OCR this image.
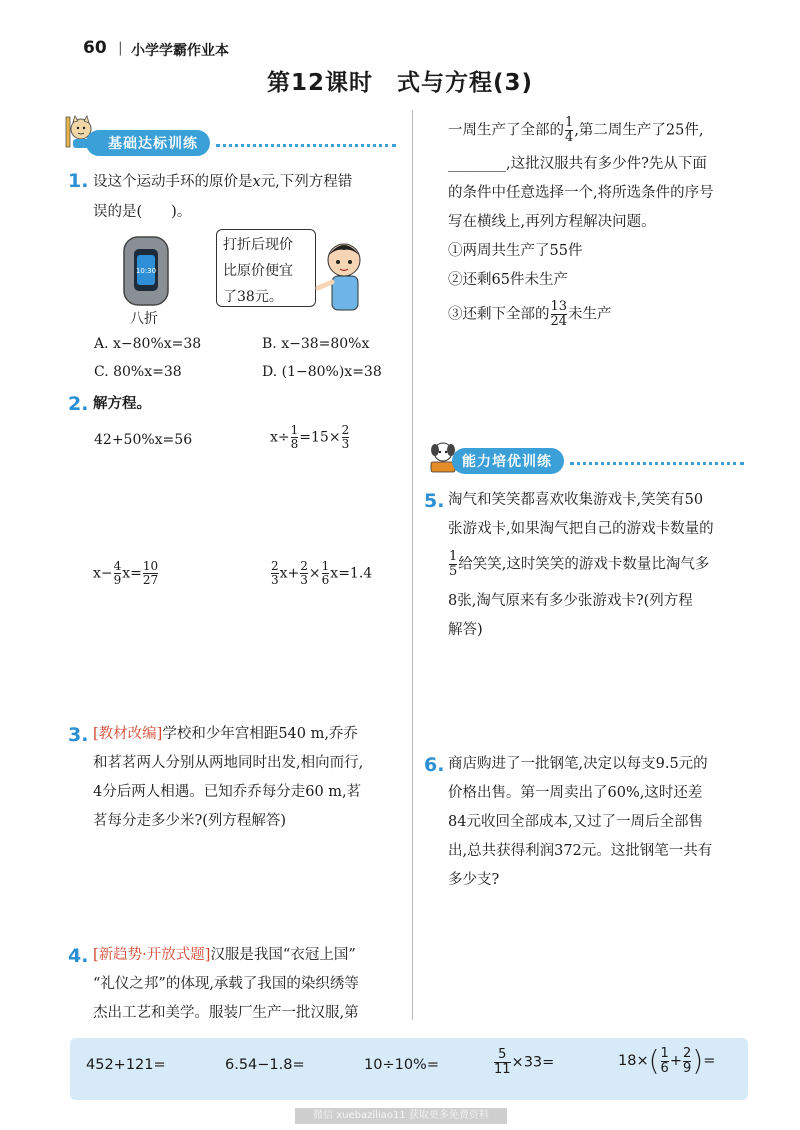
60 | 小学学霸作业本
第12课时　式与方程(3)
基础达标训练
1. 设这个运动手环的原价是x元,下列方程错
误的是(　　)。
10:30
八折
打折后现价
比原价便宜
了38元。
A. x−80%x=38	B. x−38=80%x
C. 80%x=38	D. (1−80%)x=38
2. 解方程。
42+50%x=56	$x\div \frac{1}{8} =15\times \frac{2}{3}$
$x- \frac{4}{9} x= \frac{10}{27}$	$\frac{2}{3} x+ \frac{2}{3} \times \frac{1}{6} x=1.4$
3. [教材改编]学校和少年宫相距540 m,乔乔
和茗茗两人分别从两地同时出发,相向而行,
4分后两人相遇。已知乔乔每分走60 m,茗
茗每分走多少米?(列方程解答)
4. [新趋势·开放式题]汉服是我国“衣冠上国”
“礼仪之邦”的体现,承载了我国的染织绣等
杰出工艺和美学。服装厂生产一批汉服,第
一周生产了全部的 $\frac{1}{4}$ ,第二周生产了25件,
________,这批汉服共有多少件?先从下面
的条件中任意选择一个,将所选条件的序号
写在横线上,再列方程解决问题。
①两周共生产了55件
②还剩65件未生产
③还剩下全部的 $\frac{13}{24}$ 未生产
能力培优训练
5. 淘气和笑笑都喜欢收集游戏卡,笑笑有50
张游戏卡,如果淘气把自己的游戏卡数量的
$\frac{1}{5}$ 给笑笑,这时笑笑的游戏卡数量比淘气多
8张,淘气原来有多少张游戏卡?(列方程
解答)
6. 商店购进了一批钢笔,决定以每支9.5元的
价格出售。第一周卖出了60%,这时还差
84元收回全部成本,又过了一周后全部售
出,总共获得利润372元。这批钢笔一共有
多少支?
452+121=	6.54−1.8=	10÷10%=	$\frac{5}{11} \times 33=$	18× ( $\frac{1}{6} + \frac{2}{9}$ ) =
微信 xuebaziliao11 获取更多免费资料
